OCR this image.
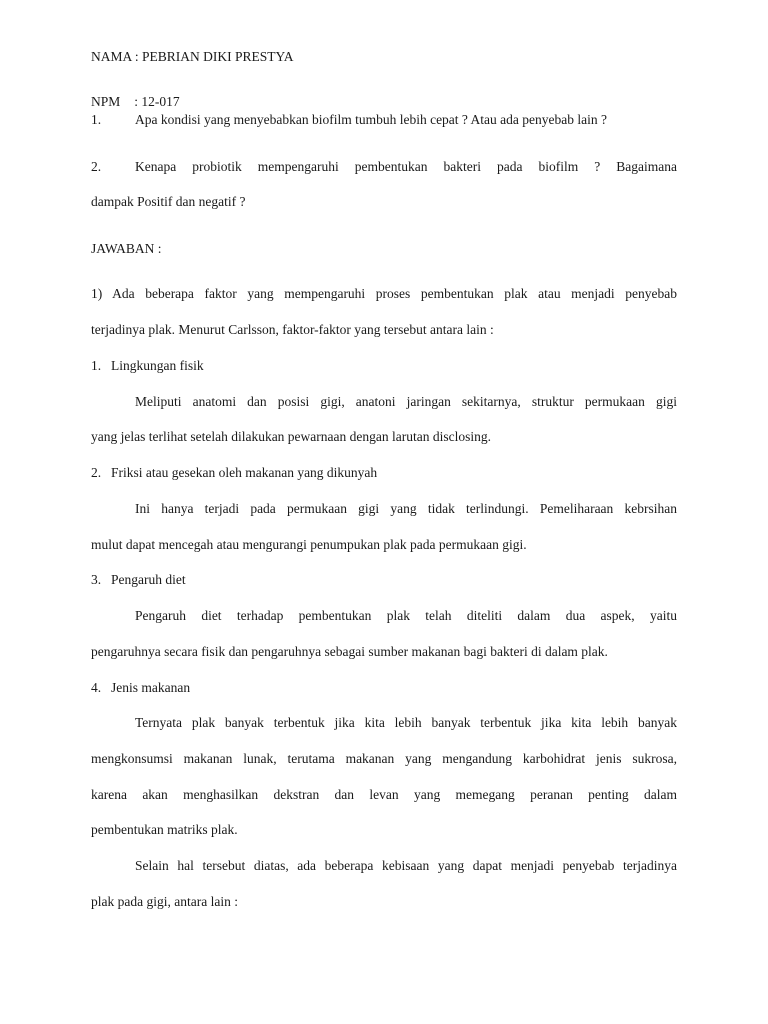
NAMA : PEBRIAN DIKI PRESTYA

NPM : 12-017

1.	Apa kondisi yang menyebabkan biofilm tumbuh lebih cepat ? Atau ada penyebab lain ?

2.	Kenapa probiotik mempengaruhi pembentukan bakteri pada biofilm ? Bagaimana

dampak Positif dan negatif ?

JAWABAN :

1) Ada beberapa faktor yang mempengaruhi proses pembentukan plak atau menjadi penyebab

terjadinya plak. Menurut Carlsson, faktor-faktor yang tersebut antara lain :

1. Lingkungan fisik

Meliputi anatomi dan posisi gigi, anatoni jaringan sekitarnya, struktur permukaan gigi

yang jelas terlihat setelah dilakukan pewarnaan dengan larutan disclosing.

2. Friksi atau gesekan oleh makanan yang dikunyah

Ini hanya terjadi pada permukaan gigi yang tidak terlindungi. Pemeliharaan kebrsihan

mulut dapat mencegah atau mengurangi penumpukan plak pada permukaan gigi.

3. Pengaruh diet

Pengaruh diet terhadap pembentukan plak telah diteliti dalam dua aspek, yaitu

pengaruhnya secara fisik dan pengaruhnya sebagai sumber makanan bagi bakteri di dalam plak.

4. Jenis makanan

Ternyata plak banyak terbentuk jika kita lebih banyak terbentuk jika kita lebih banyak

mengkonsumsi makanan lunak, terutama makanan yang mengandung karbohidrat jenis sukrosa,

karena akan menghasilkan dekstran dan levan yang memegang peranan penting dalam

pembentukan matriks plak.

Selain hal tersebut diatas, ada beberapa kebisaan yang dapat menjadi penyebab terjadinya

plak pada gigi, antara lain :
